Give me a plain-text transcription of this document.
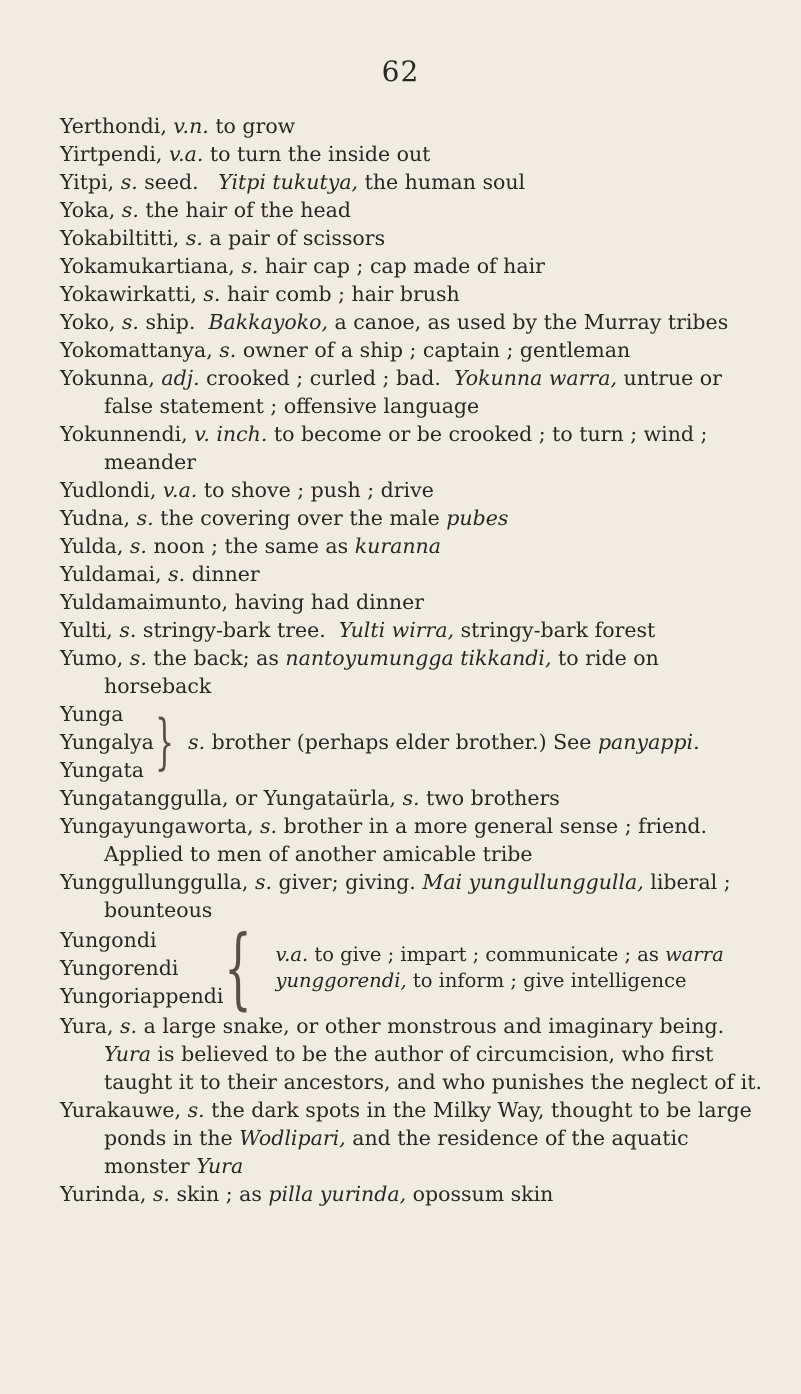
62
Yerthondi, v.n. to grow
Yirtpendi, v.a. to turn the inside out
Yitpi, s. seed. Yitpi tukutya, the human soul
Yoka, s. the hair of the head
Yokabiltitti, s. a pair of scissors
Yokamukartiana, s. hair cap ; cap made of hair
Yokawirkatti, s. hair comb ; hair brush
Yoko, s. ship. Bakkayoko, a canoe, as used by the Murray tribes
Yokomattanya, s. owner of a ship ; captain ; gentleman
Yokunna, adj. crooked ; curled ; bad. Yokunna warra, untrue or false statement ; offensive language
Yokunnendi, v. inch. to become or be crooked ; to turn ; wind ; meander
Yudlondi, v.a. to shove ; push ; drive
Yudna, s. the covering over the male pubes
Yulda, s. noon ; the same as kuranna
Yuldamai, s. dinner
Yuldamaimunto, having had dinner
Yulti, s. stringy-bark tree. Yulti wirra, stringy-bark forest
Yumo, s. the back; as nantoyumungga tikkandi, to ride on horseback
Yunga
Yungalya
Yungata } s. brother (perhaps elder brother.) See panyappi.
Yungatanggulla, or Yungataürla, s. two brothers
Yungayungaworta, s. brother in a more general sense ; friend. Applied to men of another amicable tribe
Yunggullunggulla, s. giver; giving. Mai yungullunggulla, liberal ; bounteous
Yungondi
Yungorendi
Yungoriappendi { v.a. to give ; impart ; communicate ; as warra yunggorendi, to inform ; give intelligence
Yura, s. a large snake, or other monstrous and imaginary being. Yura is believed to be the author of circumcision, who first taught it to their ancestors, and who punishes the neglect of it.
Yurakauwe, s. the dark spots in the Milky Way, thought to be large ponds in the Wodlipari, and the residence of the aquatic monster Yura
Yurinda, s. skin ; as pilla yurinda, opossum skin
